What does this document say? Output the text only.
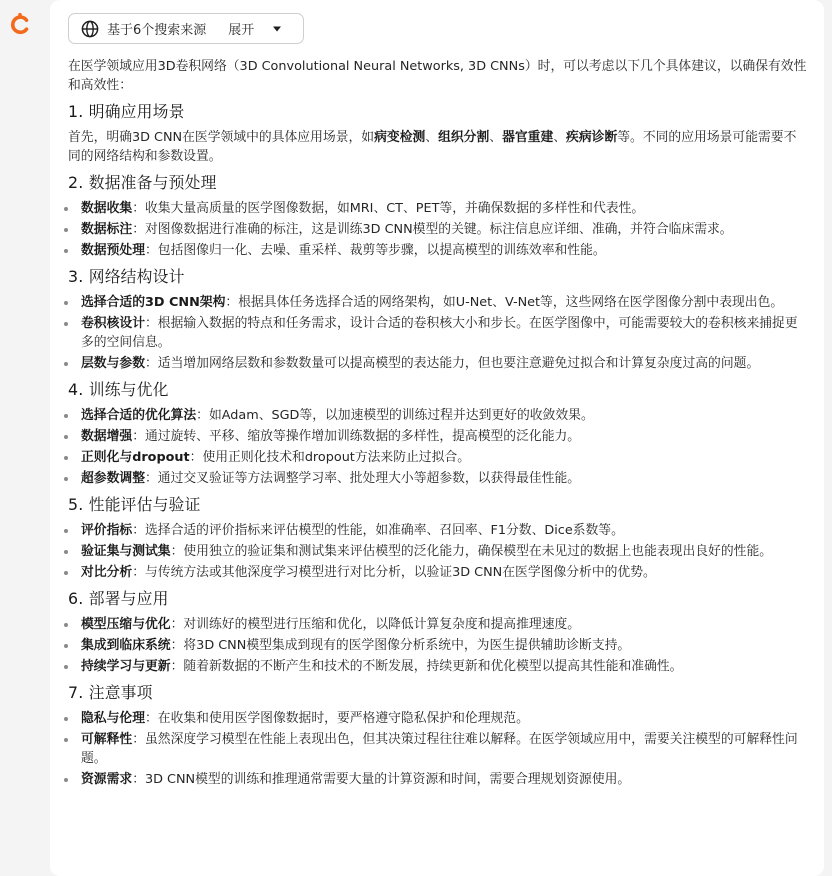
基于6个搜索来源 展开

在医学领域应用3D卷积网络（3D Convolutional Neural Networks, 3D CNNs）时，可以考虑以下几个具体建议，以确保有效性和高效性：

1. 明确应用场景

首先，明确3D CNN在医学领域中的具体应用场景，如病变检测、组织分割、器官重建、疾病诊断等。不同的应用场景可能需要不同的网络结构和参数设置。

2. 数据准备与预处理
数据收集：收集大量高质量的医学图像数据，如MRI、CT、PET等，并确保数据的多样性和代表性。
数据标注：对图像数据进行准确的标注，这是训练3D CNN模型的关键。标注信息应详细、准确，并符合临床需求。
数据预处理：包括图像归一化、去噪、重采样、裁剪等步骤，以提高模型的训练效率和性能。
3. 网络结构设计
选择合适的3D CNN架构：根据具体任务选择合适的网络架构，如U-Net、V-Net等，这些网络在医学图像分割中表现出色。
卷积核设计：根据输入数据的特点和任务需求，设计合适的卷积核大小和步长。在医学图像中，可能需要较大的卷积核来捕捉更多的空间信息。
层数与参数：适当增加网络层数和参数数量可以提高模型的表达能力，但也要注意避免过拟合和计算复杂度过高的问题。
4. 训练与优化
选择合适的优化算法：如Adam、SGD等，以加速模型的训练过程并达到更好的收敛效果。
数据增强：通过旋转、平移、缩放等操作增加训练数据的多样性，提高模型的泛化能力。
正则化与dropout：使用正则化技术和dropout方法来防止过拟合。
超参数调整：通过交叉验证等方法调整学习率、批处理大小等超参数，以获得最佳性能。
5. 性能评估与验证
评价指标：选择合适的评价指标来评估模型的性能，如准确率、召回率、F1分数、Dice系数等。
验证集与测试集：使用独立的验证集和测试集来评估模型的泛化能力，确保模型在未见过的数据上也能表现出良好的性能。
对比分析：与传统方法或其他深度学习模型进行对比分析，以验证3D CNN在医学图像分析中的优势。
6. 部署与应用
模型压缩与优化：对训练好的模型进行压缩和优化，以降低计算复杂度和提高推理速度。
集成到临床系统：将3D CNN模型集成到现有的医学图像分析系统中，为医生提供辅助诊断支持。
持续学习与更新：随着新数据的不断产生和技术的不断发展，持续更新和优化模型以提高其性能和准确性。
7. 注意事项
隐私与伦理：在收集和使用医学图像数据时，要严格遵守隐私保护和伦理规范。
可解释性：虽然深度学习模型在性能上表现出色，但其决策过程往往难以解释。在医学领域应用中，需要关注模型的可解释性问题。
资源需求：3D CNN模型的训练和推理通常需要大量的计算资源和时间，需要合理规划资源使用。
